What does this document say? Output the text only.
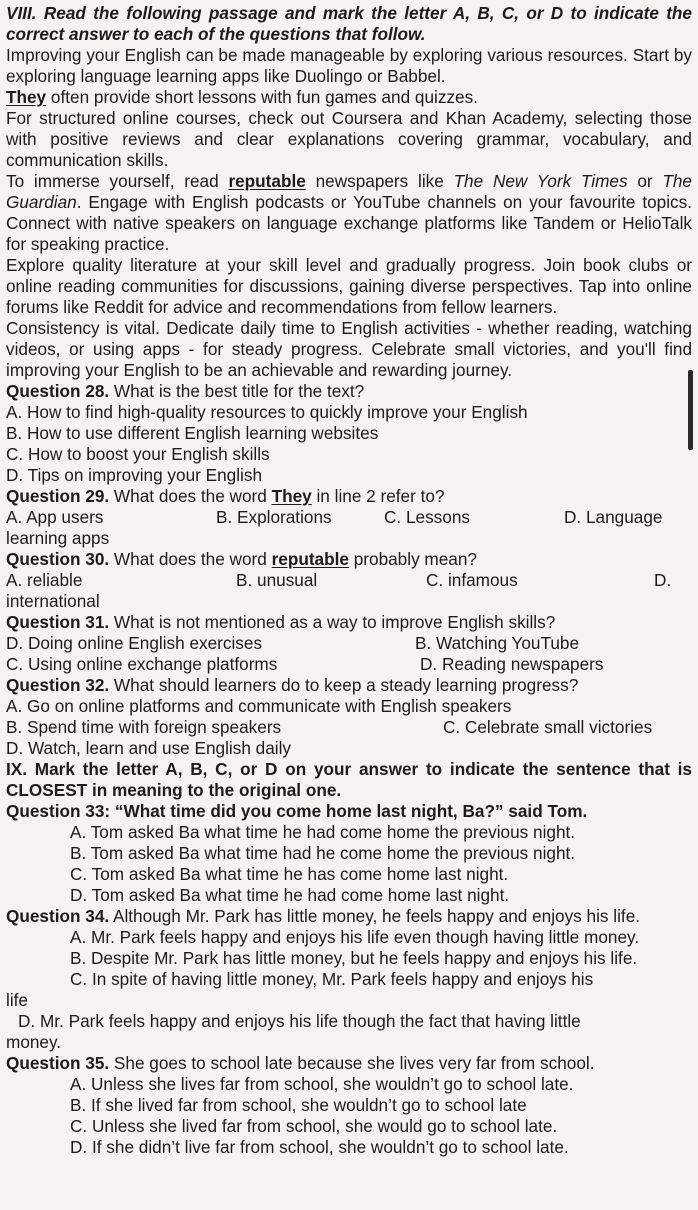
VIII. Read the following passage and mark the letter A, B, C, or D to indicate the correct answer to each of the questions that follow.

Improving your English can be made manageable by exploring various resources. Start by exploring language learning apps like Duolingo or Babbel.
They often provide short lessons with fun games and quizzes.

For structured online courses, check out Coursera and Khan Academy, selecting those with positive reviews and clear explanations covering grammar, vocabulary, and communication skills.

To immerse yourself, read reputable newspapers like The New York Times or The Guardian. Engage with English podcasts or YouTube channels on your favourite topics. Connect with native speakers on language exchange platforms like Tandem or HelioTalk for speaking practice.

Explore quality literature at your skill level and gradually progress. Join book clubs or online reading communities for discussions, gaining diverse perspectives. Tap into online forums like Reddit for advice and recommendations from fellow learners.

Consistency is vital. Dedicate daily time to English activities - whether reading, watching videos, or using apps - for steady progress. Celebrate small victories, and you'll find improving your English to be an achievable and rewarding journey.

Question 28. What is the best title for the text?

A. How to find high-quality resources to quickly improve your English

B. How to use different English learning websites

C. How to boost your English skills

D. Tips on improving your English

Question 29. What does the word They in line 2 refer to?

A. App users	B. Explorations	C. Lessons	D. Language

learning apps

Question 30. What does the word reputable probably mean?

A. reliable	B. unusual	C. infamous	D.

international

Question 31. What is not mentioned as a way to improve English skills?

D. Doing online English exercises	B. Watching YouTube
C. Using online exchange platforms	D. Reading newspapers

Question 32. What should learners do to keep a steady learning progress?

A. Go on online platforms and communicate with English speakers

B. Spend time with foreign speakers	C. Celebrate small victories

D. Watch, learn and use English daily

IX. Mark the letter A, B, C, or D on your answer to indicate the sentence that is CLOSEST in meaning to the original one.

Question 33: “What time did you come home last night, Ba?” said Tom.

A. Tom asked Ba what time he had come home the previous night.

B. Tom asked Ba what time had he come home the previous night.

C. Tom asked Ba what time he has come home last night.

D. Tom asked Ba what time he had come home last night.

Question 34. Although Mr. Park has little money, he feels happy and enjoys his life.

A. Mr. Park feels happy and enjoys his life even though having little money.

B. Despite Mr. Park has little money, but he feels happy and enjoys his life.

C. In spite of having little money, Mr. Park feels happy and enjoys his

life

D. Mr. Park feels happy and enjoys his life though the fact that having little

money.

Question 35. She goes to school late because she lives very far from school.

A. Unless she lives far from school, she wouldn’t go to school late.

B. If she lived far from school, she wouldn’t go to school late

C. Unless she lived far from school, she would go to school late.

D. If she didn’t live far from school, she wouldn’t go to school late.
